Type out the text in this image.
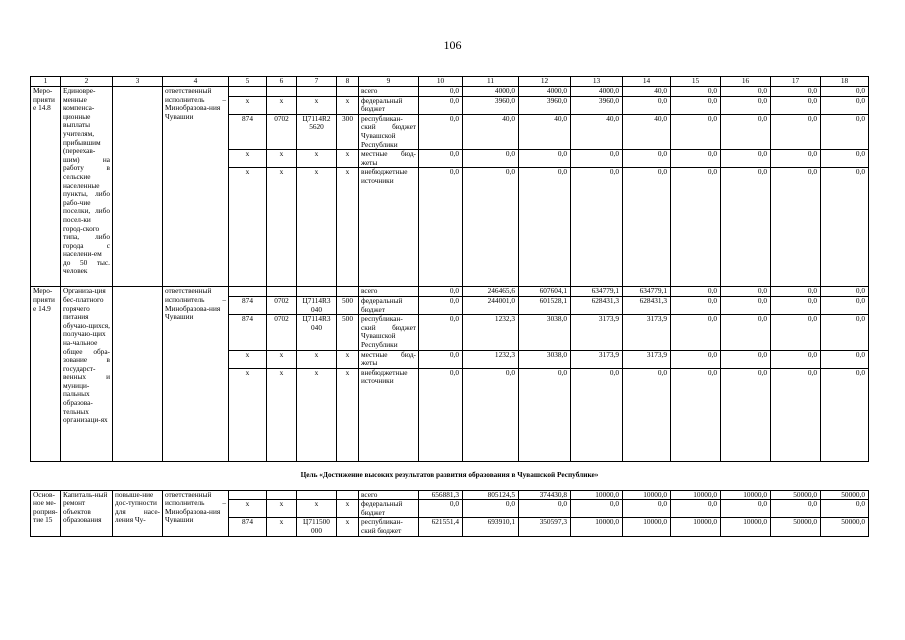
106
1	2	3	4	5	6	7	8	9	10	11	12	13	14	15	16	17	18
Меро-приятие 14.8	Единовре-менные компенса-ционные выплаты учителям, прибывшим (переехав-шим) на работу в сельские населенные пункты, либо рабо-чие поселки, либо посел-ки город-ского типа, либо города с населени-ем до 50 тыс. человек		ответственный исполнитель – Минобразова-ния Чувашии					всего	0,0	4000,0	4000,0	4000,0	40,0	0,0	0,0	0,0	0,0
				x	x	x	x	федеральный бюджет	0,0	3960,0	3960,0	3960,0	0,0	0,0	0,0	0,0	0,0
				874	0702	Ц7114R2 5620	300	республикан-ский бюджет Чувашской Республики	0,0	40,0	40,0	40,0	40,0	0,0	0,0	0,0	0,0
				x	x	x	x	местные бюд-жеты	0,0	0,0	0,0	0,0	0,0	0,0	0,0	0,0	0,0
				x	x	x	x	внебюджетные источники	0,0	0,0	0,0	0,0	0,0	0,0	0,0	0,0	0,0
Меро-приятие 14.9	Организа-ция бес-платного горячего питания обучаю-щихся, получаю-щих на-чальное общее обра-зование в государст-венных и муници-пальных образова-тельных организаци-ях		ответственный исполнитель – Минобразова-ния Чувашии					всего	0,0	246465,6	607604,1	634779,1	634779,1	0,0	0,0	0,0	0,0
				874	0702	Ц7114R3 040	500	федеральный бюджет	0,0	244001,0	601528,1	628431,3	628431,3	0,0	0,0	0,0	0,0
				874	0702	Ц7114R3 040	500	республикан-ский бюджет Чувашской Республики	0,0	1232,3	3038,0	3173,9	3173,9	0,0	0,0	0,0	0,0
				x	x	x	x	местные бюд-жеты	0,0	1232,3	3038,0	3173,9	3173,9	0,0	0,0	0,0	0,0
				x	x	x	x	внебюджетные источники	0,0	0,0	0,0	0,0	0,0	0,0	0,0	0,0	0,0
Цель «Достижение высоких результатов развития образования в Чувашской Республике»																	
Основ-ное ме-роприя-тие 15	Капиталь-ный ремонт объектов образования	повыше-ние дос-тупности для насе-ления Чу-	ответственный исполнитель – Минобразова-ния Чувашии					всего	656881,3	805124,5	374430,8	10000,0	10000,0	10000,0	10000,0	50000,0	50000,0
				x	x	x	x	федеральный бюджет	0,0	0,0	0,0	0,0	0,0	0,0	0,0	0,0	0,0
				874	x	Ц711500 000	x	республикан-ский бюджет	621551,4	693910,1	350597,3	10000,0	10000,0	10000,0	10000,0	50000,0	50000,0
